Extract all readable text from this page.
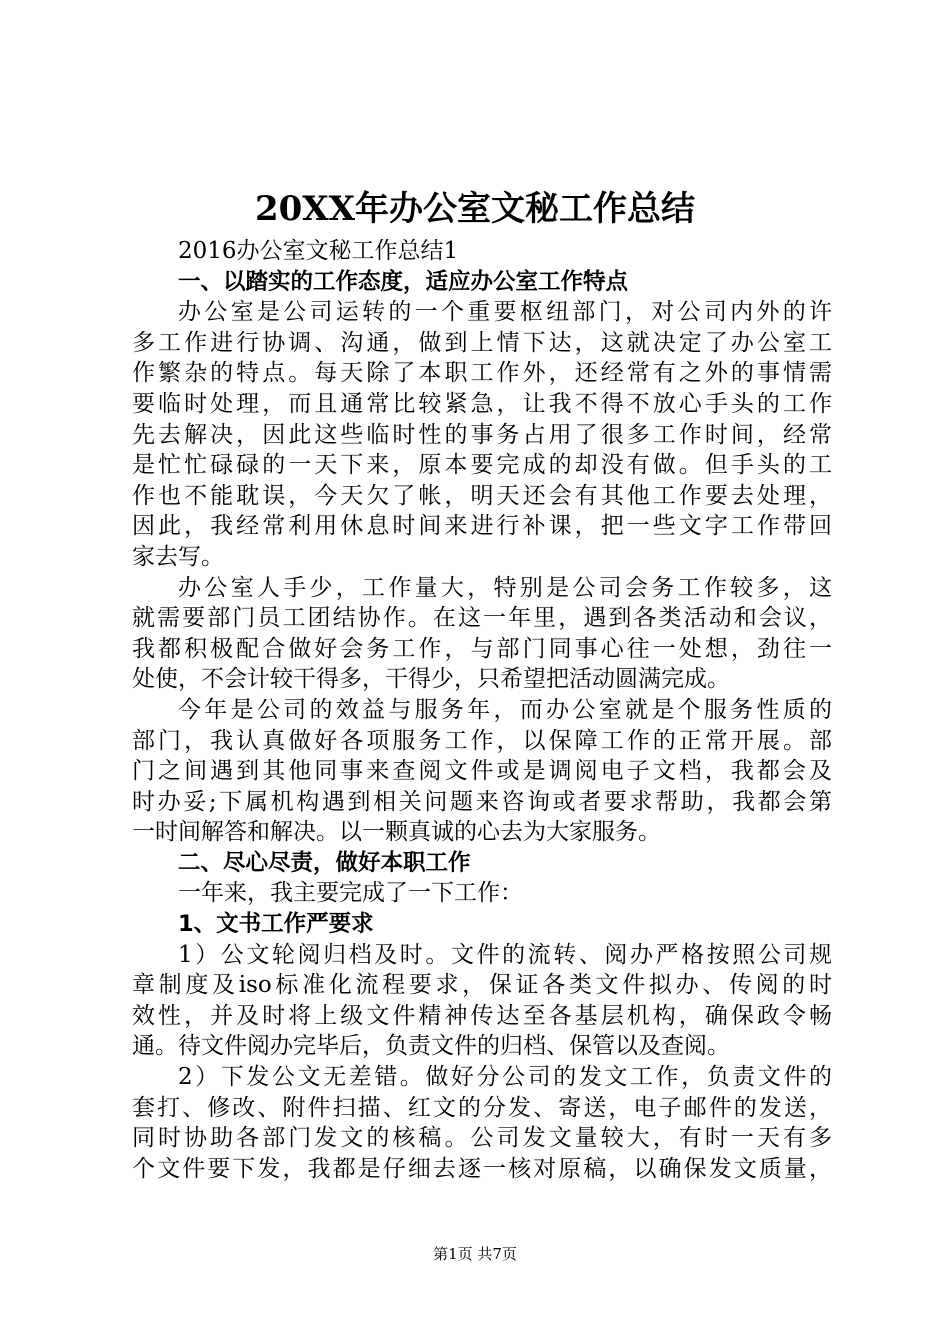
20XX年办公室文秘工作总结
2016办公室文秘工作总结1
一、以踏实的工作态度，适应办公室工作特点
办公室是公司运转的一个重要枢纽部门，对公司内外的许
多工作进行协调、沟通，做到上情下达，这就决定了办公室工
作繁杂的特点。每天除了本职工作外，还经常有之外的事情需
要临时处理，而且通常比较紧急，让我不得不放心手头的工作
先去解决，因此这些临时性的事务占用了很多工作时间，经常
是忙忙碌碌的一天下来，原本要完成的却没有做。但手头的工
作也不能耽误，今天欠了帐，明天还会有其他工作要去处理，
因此，我经常利用休息时间来进行补课，把一些文字工作带回
家去写。
办公室人手少，工作量大，特别是公司会务工作较多，这
就需要部门员工团结协作。在这一年里，遇到各类活动和会议，
我都积极配合做好会务工作，与部门同事心往一处想，劲往一
处使，不会计较干得多，干得少，只希望把活动圆满完成。
今年是公司的效益与服务年，而办公室就是个服务性质的
部门，我认真做好各项服务工作，以保障工作的正常开展。部
门之间遇到其他同事来查阅文件或是调阅电子文档，我都会及
时办妥;下属机构遇到相关问题来咨询或者要求帮助，我都会第
一时间解答和解决。以一颗真诚的心去为大家服务。
二、尽心尽责，做好本职工作
一年来，我主要完成了一下工作：
1、文书工作严要求
1）公文轮阅归档及时。文件的流转、阅办严格按照公司规
章制度及iso标准化流程要求，保证各类文件拟办、传阅的时
效性，并及时将上级文件精神传达至各基层机构，确保政令畅
通。待文件阅办完毕后，负责文件的归档、保管以及查阅。
2）下发公文无差错。做好分公司的发文工作，负责文件的
套打、修改、附件扫描、红文的分发、寄送，电子邮件的发送，
同时协助各部门发文的核稿。公司发文量较大，有时一天有多
个文件要下发，我都是仔细去逐一核对原稿，以确保发文质量，
第1页 共7页
